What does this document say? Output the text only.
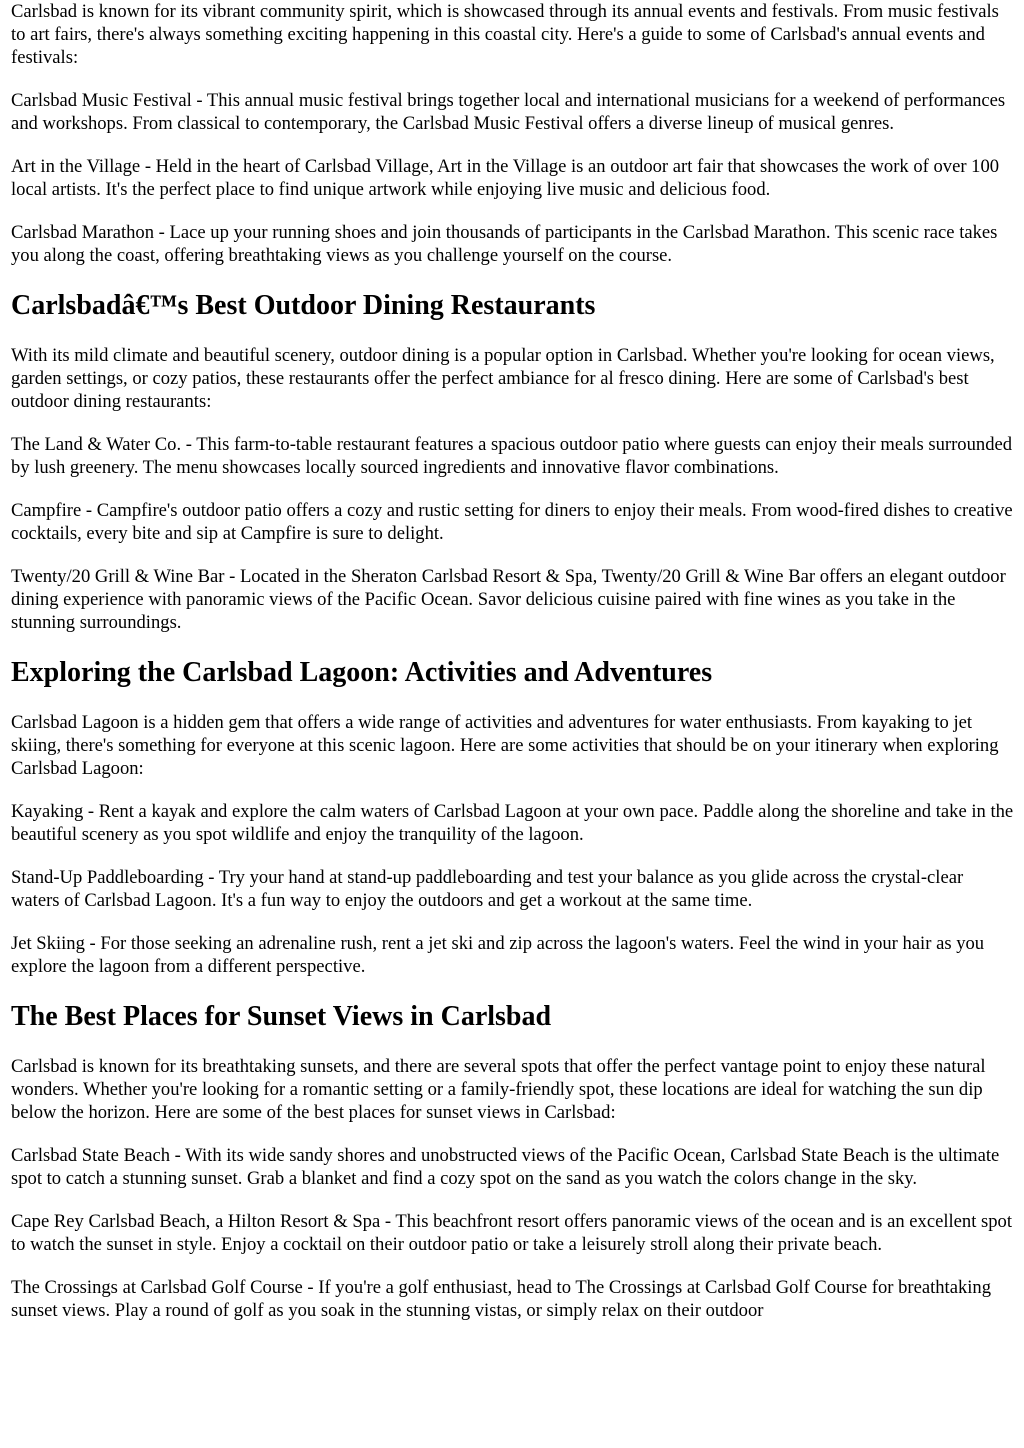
Carlsbad is known for its vibrant community spirit, which is showcased through its annual events and festivals. From music festivals to art fairs, there's always something exciting happening in this coastal city. Here's a guide to some of Carlsbad's annual events and festivals:

Carlsbad Music Festival - This annual music festival brings together local and international musicians for a weekend of performances and workshops. From classical to contemporary, the Carlsbad Music Festival offers a diverse lineup of musical genres.

Art in the Village - Held in the heart of Carlsbad Village, Art in the Village is an outdoor art fair that showcases the work of over 100 local artists. It's the perfect place to find unique artwork while enjoying live music and delicious food.

Carlsbad Marathon - Lace up your running shoes and join thousands of participants in the Carlsbad Marathon. This scenic race takes you along the coast, offering breathtaking views as you challenge yourself on the course.

Carlsbadâ€™s Best Outdoor Dining Restaurants

With its mild climate and beautiful scenery, outdoor dining is a popular option in Carlsbad. Whether you're looking for ocean views, garden settings, or cozy patios, these restaurants offer the perfect ambiance for al fresco dining. Here are some of Carlsbad's best outdoor dining restaurants:

The Land & Water Co. - This farm-to-table restaurant features a spacious outdoor patio where guests can enjoy their meals surrounded by lush greenery. The menu showcases locally sourced ingredients and innovative flavor combinations.

Campfire - Campfire's outdoor patio offers a cozy and rustic setting for diners to enjoy their meals. From wood-fired dishes to creative cocktails, every bite and sip at Campfire is sure to delight.

Twenty/20 Grill & Wine Bar - Located in the Sheraton Carlsbad Resort & Spa, Twenty/20 Grill & Wine Bar offers an elegant outdoor dining experience with panoramic views of the Pacific Ocean. Savor delicious cuisine paired with fine wines as you take in the stunning surroundings.

Exploring the Carlsbad Lagoon: Activities and Adventures

Carlsbad Lagoon is a hidden gem that offers a wide range of activities and adventures for water enthusiasts. From kayaking to jet skiing, there's something for everyone at this scenic lagoon. Here are some activities that should be on your itinerary when exploring Carlsbad Lagoon:

Kayaking - Rent a kayak and explore the calm waters of Carlsbad Lagoon at your own pace. Paddle along the shoreline and take in the beautiful scenery as you spot wildlife and enjoy the tranquility of the lagoon.

Stand-Up Paddleboarding - Try your hand at stand-up paddleboarding and test your balance as you glide across the crystal-clear waters of Carlsbad Lagoon. It's a fun way to enjoy the outdoors and get a workout at the same time.

Jet Skiing - For those seeking an adrenaline rush, rent a jet ski and zip across the lagoon's waters. Feel the wind in your hair as you explore the lagoon from a different perspective.

The Best Places for Sunset Views in Carlsbad

Carlsbad is known for its breathtaking sunsets, and there are several spots that offer the perfect vantage point to enjoy these natural wonders. Whether you're looking for a romantic setting or a family-friendly spot, these locations are ideal for watching the sun dip below the horizon. Here are some of the best places for sunset views in Carlsbad:

Carlsbad State Beach - With its wide sandy shores and unobstructed views of the Pacific Ocean, Carlsbad State Beach is the ultimate spot to catch a stunning sunset. Grab a blanket and find a cozy spot on the sand as you watch the colors change in the sky.

Cape Rey Carlsbad Beach, a Hilton Resort & Spa - This beachfront resort offers panoramic views of the ocean and is an excellent spot to watch the sunset in style. Enjoy a cocktail on their outdoor patio or take a leisurely stroll along their private beach.

The Crossings at Carlsbad Golf Course - If you're a golf enthusiast, head to The Crossings at Carlsbad Golf Course for breathtaking sunset views. Play a round of golf as you soak in the stunning vistas, or simply relax on their outdoor
